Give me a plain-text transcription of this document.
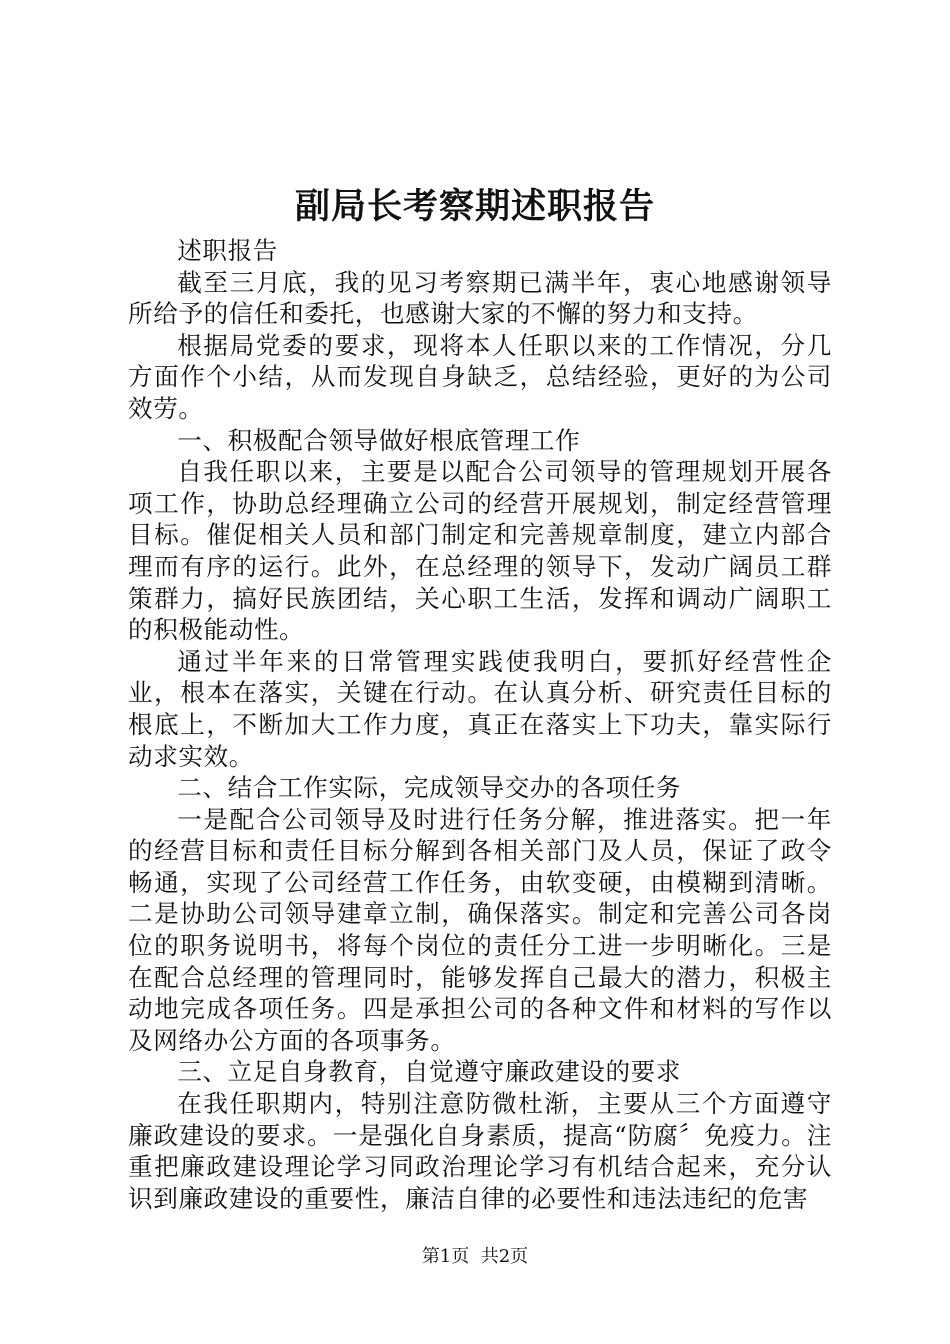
副局长考察期述职报告

述职报告

截至三月底，我的见习考察期已满半年，衷心地感谢领导所给予的信任和委托，也感谢大家的不懈的努力和支持。

根据局党委的要求，现将本人任职以来的工作情况，分几方面作个小结，从而发现自身缺乏，总结经验，更好的为公司效劳。

一、积极配合领导做好根底管理工作

自我任职以来，主要是以配合公司领导的管理规划开展各项工作，协助总经理确立公司的经营开展规划，制定经营管理目标。催促相关人员和部门制定和完善规章制度，建立内部合理而有序的运行。此外，在总经理的领导下，发动广阔员工群策群力，搞好民族团结，关心职工生活，发挥和调动广阔职工的积极能动性。

通过半年来的日常管理实践使我明白，要抓好经营性企业，根本在落实，关键在行动。在认真分析、研究责任目标的根底上，不断加大工作力度，真正在落实上下功夫，靠实际行动求实效。

二、结合工作实际，完成领导交办的各项任务

一是配合公司领导及时进行任务分解，推进落实。把一年的经营目标和责任目标分解到各相关部门及人员，保证了政令畅通，实现了公司经营工作任务，由软变硬，由模糊到清晰。二是协助公司领导建章立制，确保落实。制定和完善公司各岗位的职务说明书，将每个岗位的责任分工进一步明晰化。三是在配合总经理的管理同时，能够发挥自己最大的潜力，积极主动地完成各项任务。四是承担公司的各种文件和材料的写作以及网络办公方面的各项事务。

三、立足自身教育，自觉遵守廉政建设的要求

在我任职期内，特别注意防微杜渐，主要从三个方面遵守廉政建设的要求。一是强化自身素质，提高“防腐〞免疫力。注重把廉政建设理论学习同政治理论学习有机结合起来，充分认识到廉政建设的重要性，廉洁自律的必要性和违法违纪的危害

第1页  共2页
